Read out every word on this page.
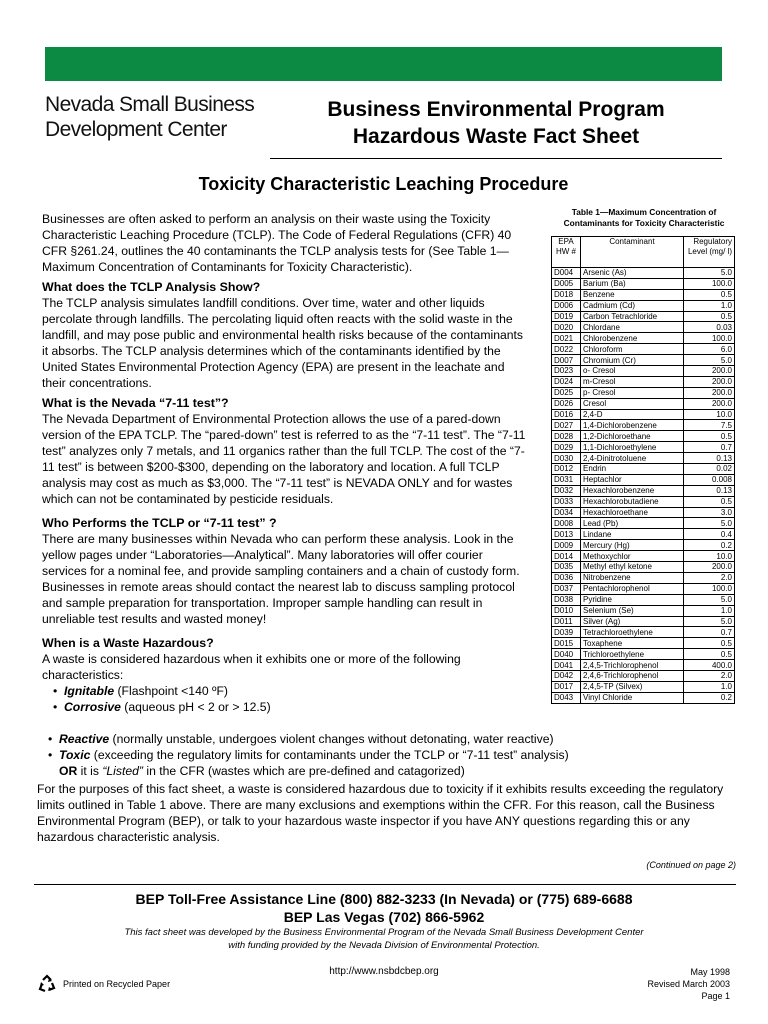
Nevada Small Business
Development Center
Business Environmental Program
Hazardous Waste Fact Sheet
Toxicity Characteristic Leaching Procedure

Businesses are often asked to perform an analysis on their waste using the Toxicity Characteristic Leaching Procedure (TCLP). The Code of Federal Regulations (CFR) 40 CFR §261.24, outlines the 40 contaminants the TCLP analysis tests for (See Table 1—Maximum Concentration of Contaminants for Toxicity Characteristic).

What does the TCLP Analysis Show?

The TCLP analysis simulates landfill conditions. Over time, water and other liquids percolate through landfills. The percolating liquid often reacts with the solid waste in the landfill, and may pose public and environmental health risks because of the contaminants it absorbs. The TCLP analysis determines which of the contaminants identified by the United States Environmental Protection Agency (EPA) are present in the leachate and their concentrations.

What is the Nevada “7-11 test”?

The Nevada Department of Environmental Protection allows the use of a pared-down version of the EPA TCLP. The “pared-down” test is referred to as the “7-11 test”. The “7-11 test” analyzes only 7 metals, and 11 organics rather than the full TCLP. The cost of the “7-11 test” is between $200-$300, depending on the laboratory and location. A full TCLP analysis may cost as much as $3,000. The “7-11 test” is NEVADA ONLY and for wastes which can not be contaminated by pesticide residuals.

Who Performs the TCLP or “7-11 test” ?

There are many businesses within Nevada who can perform these analysis. Look in the yellow pages under “Laboratories—Analytical”. Many laboratories will offer courier services for a nominal fee, and provide sampling containers and a chain of custody form. Businesses in remote areas should contact the nearest lab to discuss sampling protocol and sample preparation for transportation. Improper sample handling can result in unreliable test results and wasted money!

When is a Waste Hazardous?

A waste is considered hazardous when it exhibits one or more of the following characteristics:

• Ignitable (Flashpoint <140 ºF)

• Corrosive (aqueous pH < 2 or > 12.5)

• Reactive (normally unstable, undergoes violent changes without detonating, water reactive)

• Toxic (exceeding the regulatory limits for contaminants under the TCLP or “7-11 test” analysis)

OR it is “Listed” in the CFR (wastes which are pre-defined and catagorized)

For the purposes of this fact sheet, a waste is considered hazardous due to toxicity if it exhibits results exceeding the regulatory limits outlined in Table 1 above. There are many exclusions and exemptions within the CFR. For this reason, call the Business Environmental Program (BEP), or talk to your hazardous waste inspector if you have ANY questions regarding this or any hazardous characteristic analysis.

Table 1—Maximum Concentration of
Contaminants for Toxicity Characteristic
EPA HW #	Contaminant	Regulatory Level (mg/ l)
D004	Arsenic (As)	5.0
D005	Barium (Ba)	100.0
D018	Benzene	0.5
D006	Cadmium (Cd)	1.0
D019	Carbon Tetrachloride	0.5
D020	Chlordane	0.03
D021	Chlorobenzene	100.0
D022	Chloroform	6.0
D007	Chromium (Cr)	5.0
D023	o- Cresol	200.0
D024	m-Cresol	200.0
D025	p- Cresol	200.0
D026	Cresol	200.0
D016	2,4-D	10.0
D027	1,4-Dichlorobenzene	7.5
D028	1,2-Dichloroethane	0.5
D029	1,1-Dichloroethylene	0.7
D030	2,4-Dinitrotoluene	0.13
D012	Endrin	0.02
D031	Heptachlor	0.008
D032	Hexachlorobenzene	0.13
D033	Hexachlorobutadiene	0.5
D034	Hexachloroethane	3.0
D008	Lead (Pb)	5.0
D013	Lindane	0.4
D009	Mercury (Hg)	0.2
D014	Methoxychlor	10.0
D035	Methyl ethyl ketone	200.0
D036	Nitrobenzene	2.0
D037	Pentachlorophenol	100.0
D038	Pyridine	5.0
D010	Selenium (Se)	1.0
D011	Silver (Ag)	5.0
D039	Tetrachloroethylene	0.7
D015	Toxaphene	0.5
D040	Trichloroethylene	0.5
D041	2,4,5-Trichlorophenol	400.0
D042	2,4,6-Trichlorophenol	2.0
D017	2,4,5-TP (Silvex)	1.0
D043	Vinyl Chloride	0.2
(Continued on page 2)
BEP Toll-Free Assistance Line (800) 882-3233 (In Nevada) or (775) 689-6688
BEP Las Vegas (702) 866-5962
This fact sheet was developed by the Business Environmental Program of the Nevada Small Business Development Center
with funding provided by the Nevada Division of Environmental Protection.
Printed on Recycled Paper
http://www.nsbdcbep.org	May 1998
Revised March 2003
Page 1
